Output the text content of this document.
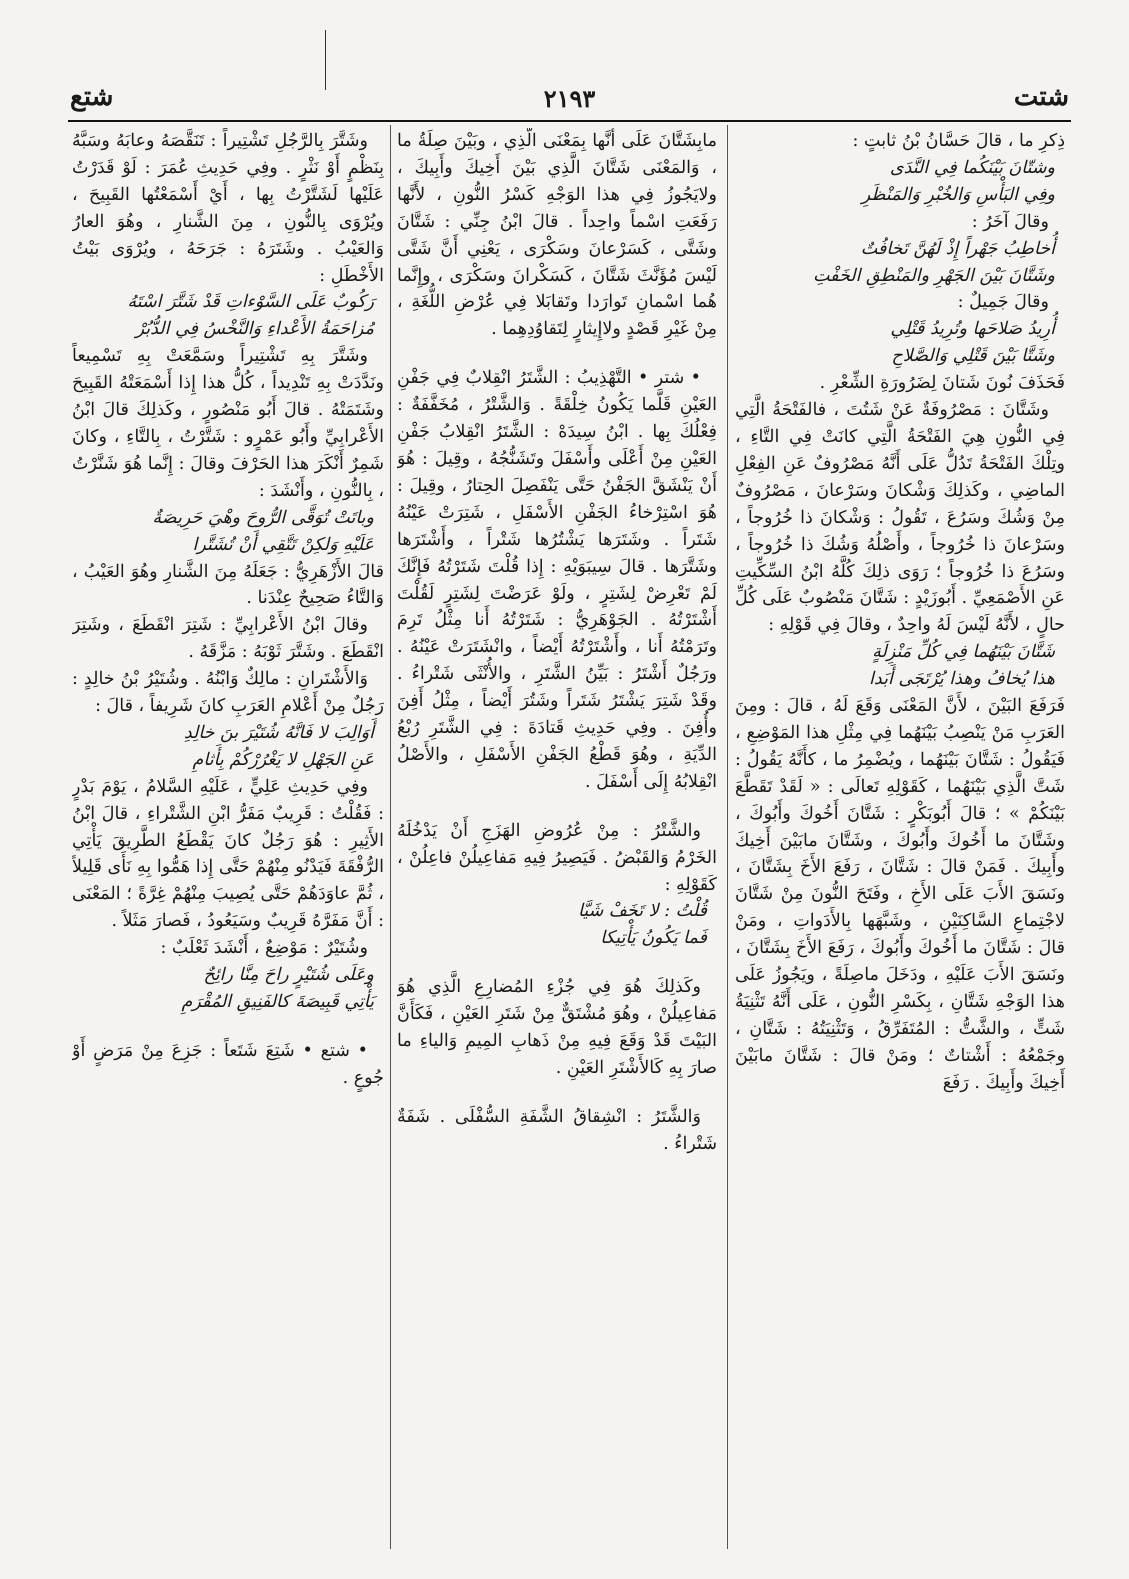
شتت
٢١٩٣
شتع

ذِكرِ ما ، قالَ حَسَّانُ بْنُ ثابتٍ :

وشتّانَ بَيْنَكُما فِي النَّدَى

وفِي البَأْسِ وَالخُبْرِ وَالمَنْظَرِ

وقالَ آخَرُ :

أُخاطِبُ جَهْراً إِذْ لَهُنَّ تَخافُتٌ

وشَتَّانَ بَيْنَ الجَهْرِ والمَنْطِقِ الخَفْتِ

وقالَ جَمِيلٌ :

أُرِيدُ صَلاحَها وتُرِيدُ قَتْلِي

وشَتَّا بَيْنَ قَتْلِي وَالصَّلاحِ

فَحَذَفَ نُونَ شَتانَ لِضَرُورَةِ الشِّعْرِ .

وشَتَّانَ : مَصْرُوفَةٌ عَنْ شَتُتَ ، فالفَتْحَةُ الَّتِي فِي النُّونِ هِيَ الفَتْحَةُ الَّتِي كانَتْ فِي التَّاءِ ، وتِلْكَ الفَتْحَةُ تَدُلُّ عَلَى أَنَّهُ مَصْرُوفٌ عَنِ الفِعْلِ الماضِي ، وكَذلِكَ وَشْكانَ وسَرْعانَ ، مَصْرُوفٌ مِنْ وَشُكَ وسَرُعَ ، تَقُولُ : وَشْكانَ ذا خُرُوجاً ، وسَرْعانَ ذا خُرُوجاً ، وأَصْلُهُ وَشُكَ ذا خُرُوجاً ، وسَرُعَ ذا خُرُوجاً ؛ رَوَى ذلِكَ كُلَّهُ ابْنُ السِّكِّيتِ عَنِ الأَصْمَعِيِّ . أَبُوزَيْدٍ : شَتَّانَ مَنْصُوبٌ عَلَى كُلِّ حالٍ ، لأَنَّهُ لَيْسَ لَهُ واحِدٌ ، وقالَ فِي قَوْلِهِ :

شَتَّانَ بَيْنَهُما فِي كُلِّ مَنْزِلَةٍ

هذا يُخافُ وهذا يُرْتَجَى أَبَدا

فَرَفَعَ البَيْنَ ، لأَنَّ المَعْنَى وَقَعَ لَهُ ، قالَ : ومِنَ العَرَبِ مَنْ يَنْصِبُ بَيْنَهُما فِي مِثْلِ هذا المَوْضِعِ ، فَيَقُولُ : شَتَّانَ بَيْنَهُما ، ويُضْمِرُ ما ، كأَنَّهُ يَقُولُ : شَتَّ الَّذِي بَيْنَهُما ، كَقَوْلِهِ تَعالَى : « لَقَدْ تَقَطَّعَ بَيْنَكُمْ » ؛ قالَ أَبُوبَكْرٍ : شَتَّانَ أَخُوكَ وأَبُوكَ ، وشَتَّانَ ما أَخُوكَ وأَبُوكَ ، وشَتَّانَ مابَيْنَ أَخِيكَ وأَبِيكَ . فَمَنْ قالَ : شَتَّانَ ، رَفَعَ الأَخَ بِشَتَّانَ ، ونَسَقَ الأَبَ عَلَى الأَخِ ، وفَتَحَ النُّونَ مِنْ شَتَّانَ لاجْتِماعِ السَّاكِنَيْنِ ، وشَبَّهَها بِالأَدَواتِ ، ومَنْ قالَ : شَتَّانَ ما أَخُوكَ وأَبُوكَ ، رَفَعَ الأَخَ بِشَتَّانَ ، ونَسَقَ الأَبَ عَلَيْهِ ، ودَخَلَ ماصِلَةً ، ويَجُوزُ عَلَى هذا الوَجْهِ شَتَّانِ ، بِكَسْرِ النُّونِ ، عَلَى أَنَّهُ تَثْنِيَةُ شَتٍّ ، والشَّتُّ : المُتَفَرِّقُ ، وَتَثْنِيَتُهُ : شَتَّانِ ، وجَمْعُهُ : أَشْتاتٌ ؛ ومَنْ قالَ : شَتَّانَ مابَيْنَ أَخِيكَ وأَبِيكَ . رَفَعَ

مابِشَتَّانَ عَلَى أَنَّها بِمَعْنَى الَّذِي ، وبَيْنَ صِلَةُ ما ، وَالمَعْنَى شَتَّانَ الَّذِي بَيْنَ أَخِيكَ وأَبِيكَ ، ولايَجُوزُ فِي هذا الوَجْهِ كَسْرُ النُّونِ ، لأَنَّها رَفَعَتِ اسْماً واحِداً . قالَ ابْنُ جِنِّي : شَتَّانَ وشَتَّى ، كَسَرْعانَ وسَكْرَى ، يَعْنِي أَنَّ شَتَّى لَيْسَ مُؤَنَّثَ شَتَّانَ ، كَسَكْرانَ وسَكْرَى ، وإِنَّما هُما اسْمانِ تَوارَدا وتَقابَلا فِي عُرْضِ اللُّغَةِ ، مِنْ غَيْرِ قَصْدٍ ولاإِيثارٍ لِتَقاوُدِهِما .

• شتر • التَّهْذِيبُ : الشَّتَرُ انْقِلابٌ فِي جَفْنِ العَيْنِ قَلَّما يَكُونُ خِلْقَةً . وَالشَّتْرُ ، مُخَفَّفَةٌ : فِعْلُكَ بِها . ابْنُ سِيدَهْ : الشَّتَرُ انْقِلابُ جَفْنِ العَيْنِ مِنْ أَعْلَى وأَسْفَلَ وتَشَنُّجُهُ ، وقِيلَ : هُوَ أَنْ يَنْشَقَّ الجَفْنُ حَتَّى يَنْفَصِلَ الحِتارُ ، وقِيلَ : هُوَ اسْتِرْخاءُ الجَفْنِ الأَسْفَلِ ، شَتِرَتْ عَيْنُهُ شَتَراً . وشَتَرَها يَشْتُرُها شَتْراً ، وأَشْتَرَها وشَتَّرَها . قالَ سِيبَوَيْهِ : إِذا قُلْتَ شَتَرْتُهُ فَإِنَّكَ لَمْ تَعْرِضْ لِشَتِرٍ ، ولَوْ عَرَضْتَ لِشَتِرٍ لَقُلْتَ أَشْتَرْتُهُ . الجَوْهَرِيُّ : شَتَرْتُهُ أَنا مِثْلُ تَرِمَ وتَرَمْتُهُ أَنا ، وأَشْتَرْتُهُ أَيْضاً ، وانْشَتَرَتْ عَيْنُهُ . ورَجُلٌ أَشْتَرُ : بَيِّنُ الشَّتَرِ ، والأُنْثَى شَتْراءُ . وقَدْ شَتِرَ يَشْتَرُ شَتَراً وشَتُرَ أَيْضاً ، مِثْلُ أَفِنَ وأُفِنَ . وفِي حَدِيثِ قَتادَةَ : فِي الشَّتَرِ رُبْعُ الدِّيَةِ ، وهُوَ قَطْعُ الجَفْنِ الأَسْفَلِ ، والأَصْلُ انْقِلابُهُ إِلَى أَسْفَلَ .

والشَّتْرُ : مِنْ عُرُوضِ الهَزَجِ أَنْ يَدْخُلَهُ الخَرْمُ وَالقَبْضُ . فَيَصِيرُ فِيهِ مَفاعِيلُنْ فاعِلُنْ ، كَقَوْلِهِ :

قُلْتُ : لا تَخَفْ شَيَّا

فَما يَكُونُ يَأْتِيكا

وكَذلِكَ هُوَ فِي جُزْءِ المُضارِعِ الَّذِي هُوَ مَفاعِيلُنْ ، وهُوَ مُشْتَقٌّ مِنْ شَتَرِ العَيْنِ ، فَكَأَنَّ البَيْتَ قَدْ وَقَعَ فِيهِ مِنْ ذَهابِ المِيمِ وَالياءِ ما صارَ بِهِ كَالأَشْتَرِ العَيْنِ .

وَالشَّتَرُ : انْشِقاقُ الشَّفَةِ السُّفْلَى . شَفَةٌ شَتْراءُ .

وشَتَّرَ بِالرَّجُلِ تَشْتِيراً : تَنَقَّصَهُ وعابَهُ وسَبَّهُ بِنَظْمٍ أَوْ نَثْرٍ . وفِي حَدِيثِ عُمَرَ : لَوْ قَدَرْتُ عَلَيْها لَشَتَّرْتُ بِها ، أَيْ أَسْمَعْتُها القَبِيحَ ، ويُرْوَى بِالنُّونِ ، مِنَ الشَّنارِ ، وهُوَ العارُ وَالعَيْبُ . وشَتَرَهُ : جَرَحَهُ ، ويُرْوَى بَيْتُ الأَخْطَلِ :

رَكُوبٌ عَلَى السَّوْءاتِ قَدْ شَتَّرَ اسْتَهُ

مُزاحَمَةُ الأَعْداءِ وَالنَّخْسُ فِي الدُّبُرْ

وشَتَّرَ بِهِ تَشْتِيراً وسَمَّعَتْ بِهِ تَسْمِيعاً ونَدَّدَتْ بِهِ تَنْدِيداً ، كُلُّ هذا إِذا أَسْمَعَتْهُ القَبِيحَ وشَتَمَتْهُ . قالَ أَبُو مَنْصُورٍ ، وكَذلِكَ قالَ ابْنُ الأَعْرابِيِّ وأَبُو عَمْرٍو : شَتَّرْتُ ، بِالتَّاءِ ، وكانَ شَمِرٌ أَنْكَرَ هذا الحَرْفَ وقالَ : إِنَّما هُوَ شَنَّرْتُ ، بِالنُّونِ ، وأَنْشَدَ :

وباتَتْ تُوَقَّى الرُّوحَ وهْيَ حَرِيصَةٌ

عَلَيْهِ وَلكِنْ تَتَّقِي أَنْ تُشَتَّرا

قالَ الأَزْهَرِيُّ : جَعَلَهُ مِنَ الشَّنارِ وهُوَ العَيْبُ ، وَالتَّاءُ صَحِيحٌ عِنْدَنا .

وقالَ ابْنُ الأَعْرابِيِّ : شَتِرَ انْقَطَعَ ، وشَتِرَ انْقَطَعَ . وشَتَّرَ ثَوْبَهُ : مَزَّقَهُ .

وَالأَشْتَرانِ : مالِكٌ وَابْنُهُ . وشُتَيْرُ بْنُ خالِدٍ : رَجُلٌ مِنْ أَعْلامِ العَرَبِ كانَ شَرِيفاً ، قالَ :

أَوَالِبَ لا فَانَّهُ شُتَيْرَ بنَ خالِدِ

عَنِ الجَهْلِ لا يَغْرُرْكُمْ بِأَثامِ

وفِي حَدِيثِ عَلِيٍّ ، عَلَيْهِ السَّلامُ ، يَوْمَ بَدْرٍ : فَقُلْتُ : قَرِيبٌ مَفَرُّ ابْنِ الشَّتْراءِ ، قالَ ابْنُ الأَثِيرِ : هُوَ رَجُلٌ كانَ يَقْطَعُ الطَّرِيقَ يَأْتِي الرُّفْقَةَ فَيَدْنُو مِنْهُمْ حَتَّى إِذا هَمُّوا بِهِ نَأَى قَلِيلاً ، ثُمَّ عاوَدَهُمْ حَتَّى يُصِيبَ مِنْهُمْ غِرَّةً ؛ المَعْنَى : أَنَّ مَفَرَّهُ قَرِيبٌ وسَيَعُودُ ، فَصارَ مَثَلاً .

وشُتَيْرٌ : مَوْضِعٌ ، أَنْشَدَ ثَعْلَبٌ :

وعَلَى شُتَيْرٍ راحَ مِنَّا رائِحٌ

يَأْتِي قَبِيصَةَ كالفَنِيقِ المُقْرَمِ

• شتع • شَتِعَ شَتَعاً : جَزِعَ مِنْ مَرَضٍ أَوْ جُوعٍ .
